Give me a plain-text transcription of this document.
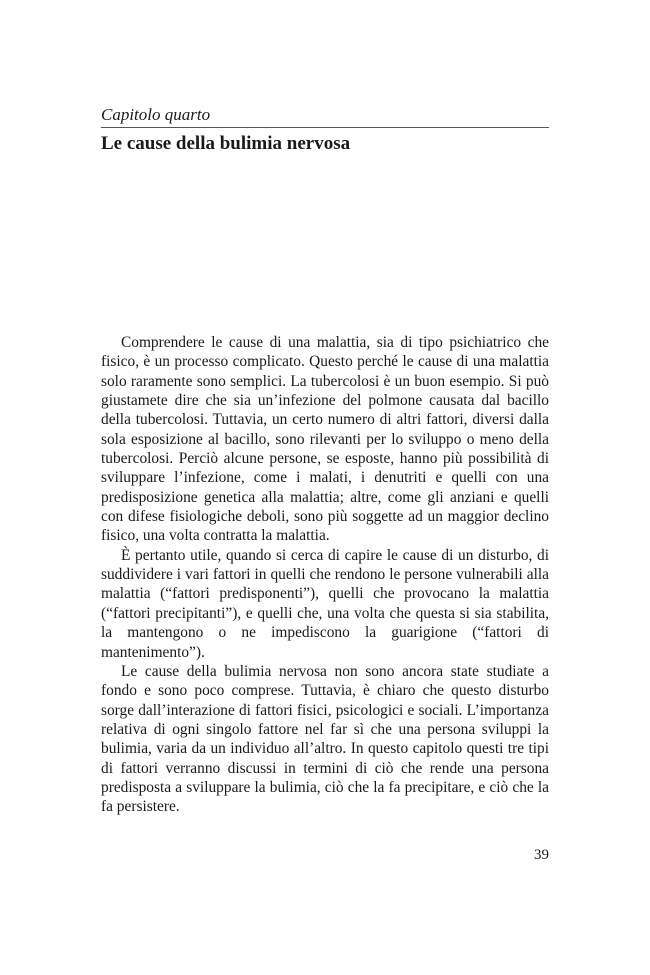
Capitolo quarto
Le cause della bulimia nervosa

Comprendere le cause di una malattia, sia di tipo psichiatrico che fisico, è un processo complicato. Questo perché le cause di una malattia solo raramente sono semplici. La tubercolosi è un buon esempio. Si può giustamete dire che sia un’infezione del polmone causata dal bacillo della tubercolosi. Tuttavia, un certo numero di altri fattori, diversi dalla sola esposizione al bacillo, sono rilevanti per lo sviluppo o meno della tubercolosi. Perciò alcune persone, se esposte, hanno più possibilità di sviluppare l’infezione, come i malati, i denutriti e quelli con una predisposizione genetica alla malattia; altre, come gli anziani e quelli con difese fisiologiche deboli, sono più soggette ad un maggior declino fisico, una volta contratta la malattia.

È pertanto utile, quando si cerca di capire le cause di un disturbo, di suddividere i vari fattori in quelli che rendono le persone vulnerabili alla malattia (“fattori predisponenti”), quelli che provocano la malattia (“fattori precipitanti”), e quelli che, una volta che questa si sia stabilita, la mantengono o ne impediscono la guarigione (“fattori di mantenimento”).

Le cause della bulimia nervosa non sono ancora state studiate a fondo e sono poco comprese. Tuttavia, è chiaro che questo disturbo sorge dall’interazione di fattori fisici, psicologici e sociali. L’importanza relativa di ogni singolo fattore nel far sì che una persona sviluppi la bulimia, varia da un individuo all’altro. In questo capitolo questi tre tipi di fattori verranno discussi in termini di ciò che rende una persona predisposta a sviluppare la bulimia, ciò che la fa precipitare, e ciò che la fa persistere.

39
